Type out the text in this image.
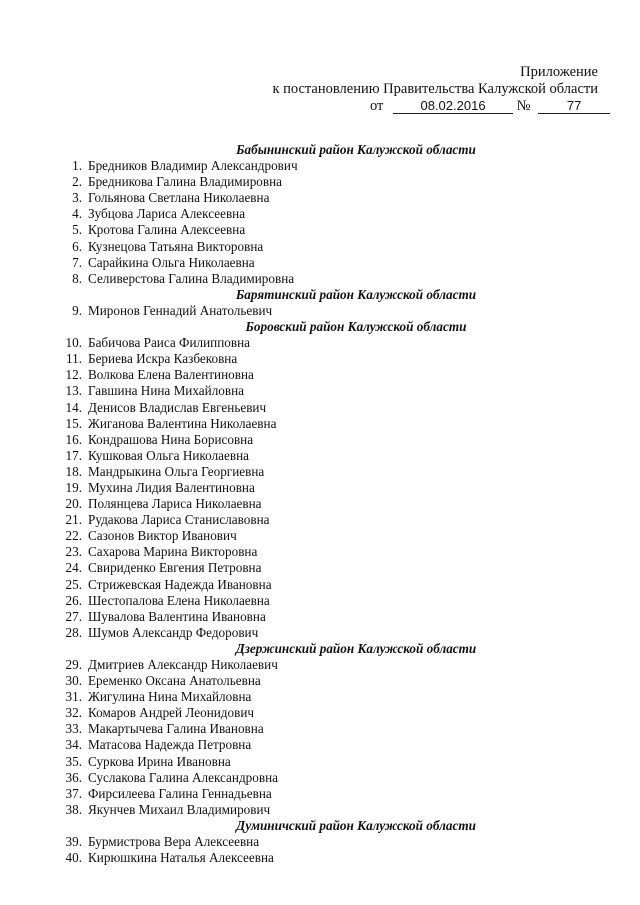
Приложение
к постановлению Правительства Калужской области
от	08.02.2016 №	77
Бабынинский район Калужской области
1. Бредников Владимир Александрович
2. Бредникова Галина Владимировна
3. Гольянова Светлана Николаевна
4. Зубцова Лариса Алексеевна
5. Кротова Галина Алексеевна
6. Кузнецова Татьяна Викторовна
7. Сарайкина Ольга Николаевна
8. Селиверстова Галина Владимировна
Барятинский район Калужской области
9. Миронов Геннадий Анатольевич
Боровский район Калужской области
10. Бабичова Раиса Филипповна
11. Бериева Искра Казбековна
12. Волкова Елена Валентиновна
13. Гавшина Нина Михайловна
14. Денисов Владислав Евгеньевич
15. Жиганова Валентина Николаевна
16. Кондрашова Нина Борисовна
17. Кушковая Ольга Николаевна
18. Мандрыкина Ольга Георгиевна
19. Мухина Лидия Валентиновна
20. Полянцева Лариса Николаевна
21. Рудакова Лариса Станиславовна
22. Сазонов Виктор Иванович
23. Сахарова Марина Викторовна
24. Свириденко Евгения Петровна
25. Стрижевская Надежда Ивановна
26. Шестопалова Елена Николаевна
27. Шувалова Валентина Ивановна
28. Шумов Александр Федорович
Дзержинский район Калужской области
29. Дмитриев Александр Николаевич
30. Еременко Оксана Анатольевна
31. Жигулина Нина Михайловна
32. Комаров Андрей Леонидович
33. Макартычева Галина Ивановна
34. Матасова Надежда Петровна
35. Суркова Ирина Ивановна
36. Суслакова Галина Александровна
37. Фирсилеева Галина Геннадьевна
38. Якунчев Михаил Владимирович
Думиничский район Калужской области
39. Бурмистрова Вера Алексеевна
40. Кирюшкина Наталья Алексеевна
